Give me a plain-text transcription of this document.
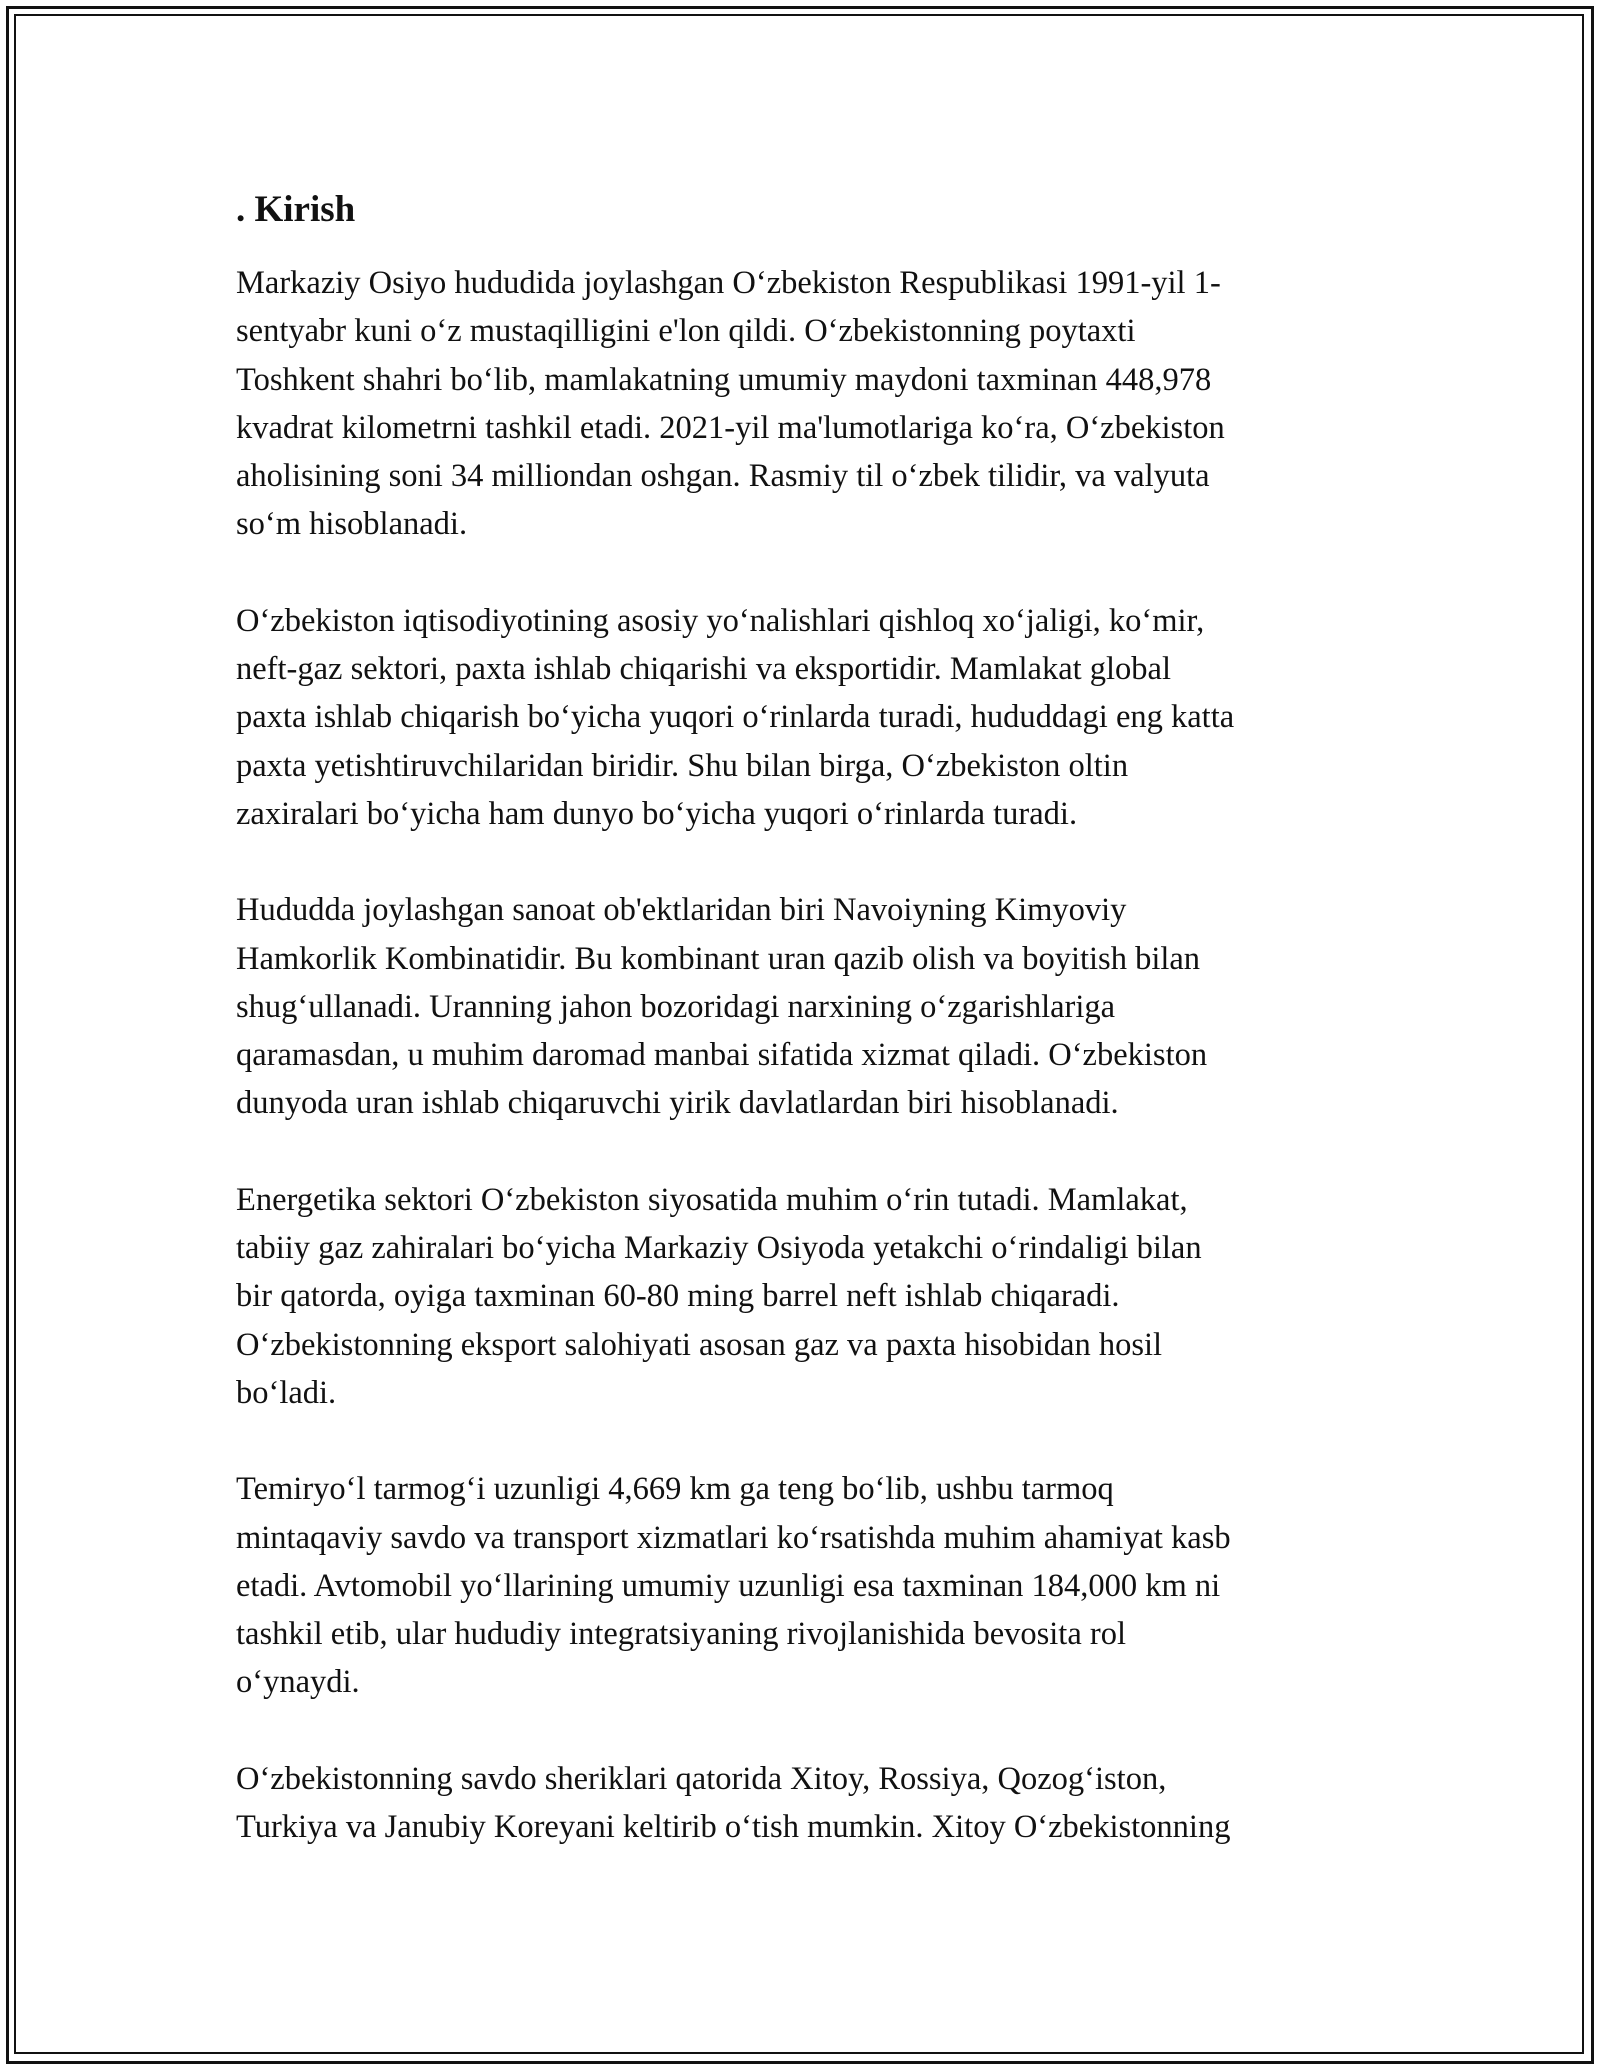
. Kirish

Markaziy Osiyo hududida joylashgan O‘zbekiston Respublikasi 1991-yil 1-
sentyabr kuni o‘z mustaqilligini e'lon qildi. O‘zbekistonning poytaxti
Toshkent shahri bo‘lib, mamlakatning umumiy maydoni taxminan 448,978
kvadrat kilometrni tashkil etadi. 2021-yil ma'lumotlariga ko‘ra, O‘zbekiston
aholisining soni 34 milliondan oshgan. Rasmiy til o‘zbek tilidir, va valyuta
so‘m hisoblanadi.

O‘zbekiston iqtisodiyotining asosiy yo‘nalishlari qishloq xo‘jaligi, ko‘mir,
neft-gaz sektori, paxta ishlab chiqarishi va eksportidir. Mamlakat global
paxta ishlab chiqarish bo‘yicha yuqori o‘rinlarda turadi, hududdagi eng katta
paxta yetishtiruvchilaridan biridir. Shu bilan birga, O‘zbekiston oltin
zaxiralari bo‘yicha ham dunyo bo‘yicha yuqori o‘rinlarda turadi.

Hududda joylashgan sanoat ob'ektlaridan biri Navoiyning Kimyoviy
Hamkorlik Kombinatidir. Bu kombinant uran qazib olish va boyitish bilan
shug‘ullanadi. Uranning jahon bozoridagi narxining o‘zgarishlariga
qaramasdan, u muhim daromad manbai sifatida xizmat qiladi. O‘zbekiston
dunyoda uran ishlab chiqaruvchi yirik davlatlardan biri hisoblanadi.

Energetika sektori O‘zbekiston siyosatida muhim o‘rin tutadi. Mamlakat,
tabiiy gaz zahiralari bo‘yicha Markaziy Osiyoda yetakchi o‘rindaligi bilan
bir qatorda, oyiga taxminan 60-80 ming barrel neft ishlab chiqaradi.
O‘zbekistonning eksport salohiyati asosan gaz va paxta hisobidan hosil
bo‘ladi.

Temiryo‘l tarmog‘i uzunligi 4,669 km ga teng bo‘lib, ushbu tarmoq
mintaqaviy savdo va transport xizmatlari ko‘rsatishda muhim ahamiyat kasb
etadi. Avtomobil yo‘llarining umumiy uzunligi esa taxminan 184,000 km ni
tashkil etib, ular hududiy integratsiyaning rivojlanishida bevosita rol
o‘ynaydi.

O‘zbekistonning savdo sheriklari qatorida Xitoy, Rossiya, Qozog‘iston,
Turkiya va Janubiy Koreyani keltirib o‘tish mumkin. Xitoy O‘zbekistonning
